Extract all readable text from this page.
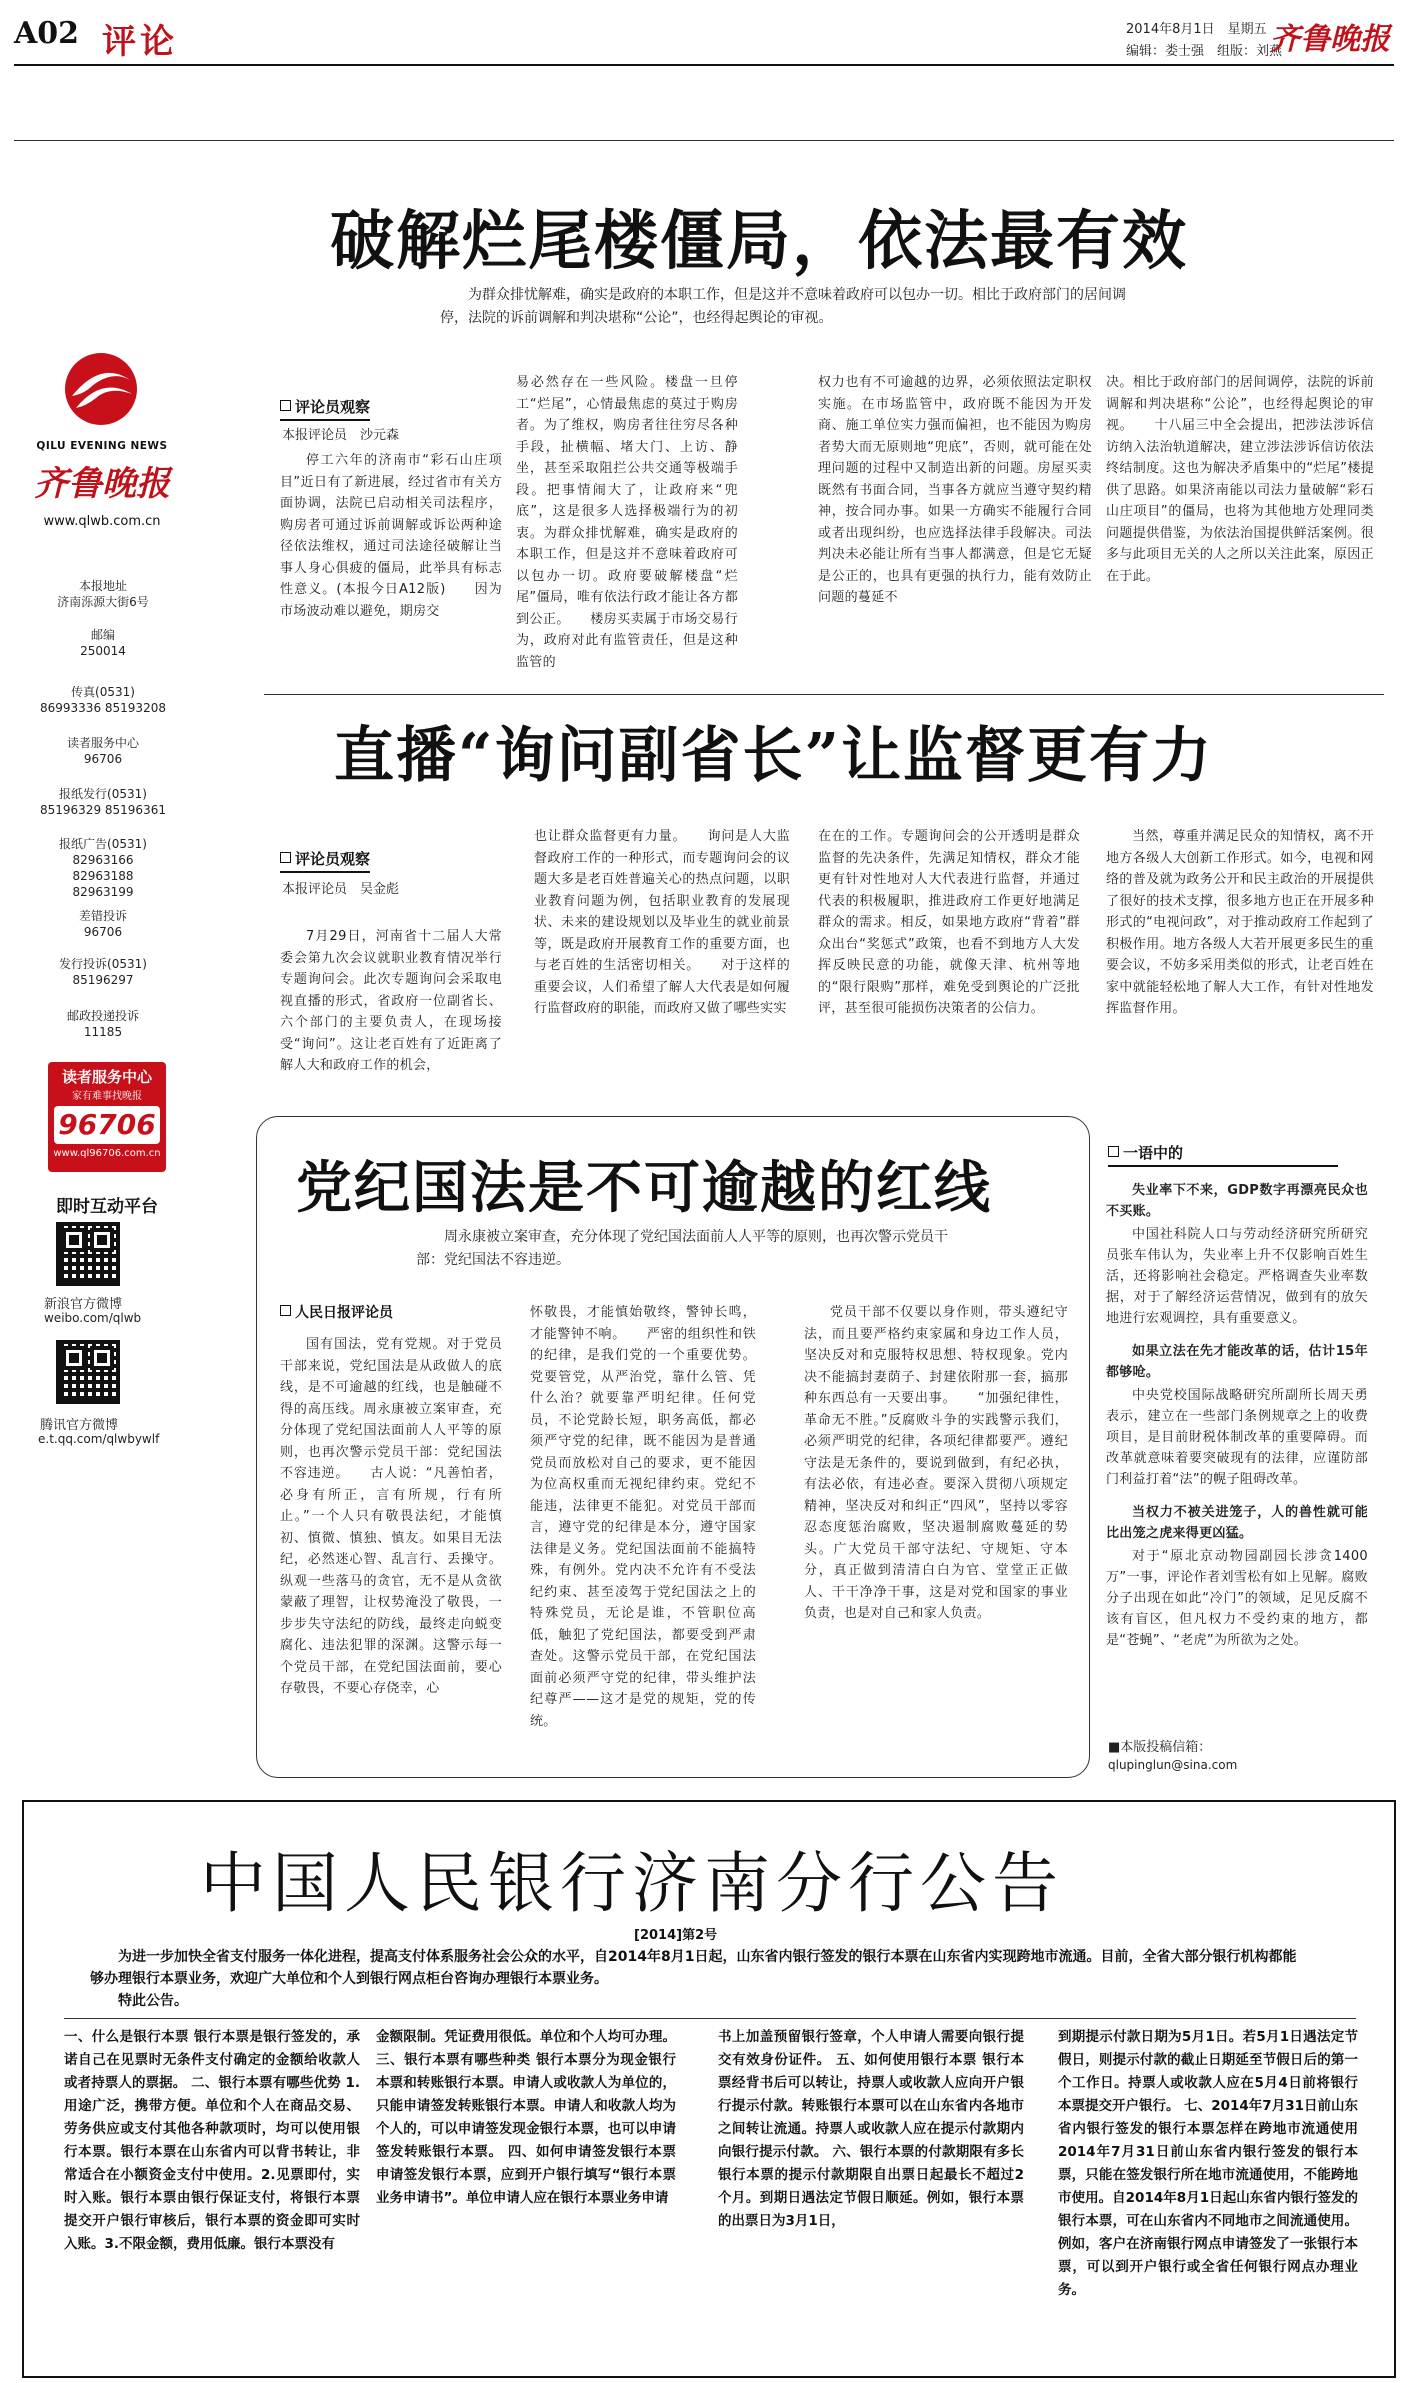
A02 评论	2014年8月1日　星期五
编辑：娄士强　组版：刘燕
齐鲁晚报
QILU EVENING NEWS
齐鲁晚报
www.qlwb.com.cn
本报地址
济南泺源大街6号
邮编
250014
传真(0531)
86993336 85193208
读者服务中心
96706
报纸发行(0531)
85196329 85196361
报纸广告(0531)
82963166 82963188 82963199
差错投诉
96706
发行投诉(0531)
85196297
邮政投递投诉
11185
读者服务中心
家有难事找晚报
96706
www.ql96706.com.cn
即时互动平台
新浪官方微博
weibo.com/qlwb
腾讯官方微博
e.t.qq.com/qlwbywlf
破解烂尾楼僵局，依法最有效
为群众排忧解难，确实是政府的本职工作，但是这并不意味着政府可以包办一切。相比于政府部门的居间调停，法院的诉前调解和判决堪称“公论”，也经得起舆论的审视。
评论员观察
本报评论员　沙元森

停工六年的济南市“彩石山庄项目”近日有了新进展，经过省市有关方面协调，法院已启动相关司法程序，购房者可通过诉前调解或诉讼两种途径依法维权，通过司法途径破解让当事人身心俱疲的僵局，此举具有标志性意义。(本报今日A12版)　　因为市场波动难以避免，期房交

易必然存在一些风险。楼盘一旦停工“烂尾”，心情最焦虑的莫过于购房者。为了维权，购房者往往穷尽各种手段，扯横幅、堵大门、上访、静坐，甚至采取阻拦公共交通等极端手段。把事情闹大了，让政府来“兜底”，这是很多人选择极端行为的初衷。为群众排忧解难，确实是政府的本职工作，但是这并不意味着政府可以包办一切。政府要破解楼盘“烂尾”僵局，唯有依法行政才能让各方都到公正。　　楼房买卖属于市场交易行为，政府对此有监管责任，但是这种监管的

权力也有不可逾越的边界，必须依照法定职权实施。在市场监管中，政府既不能因为开发商、施工单位实力强而偏袒，也不能因为购房者势大而无原则地“兜底”，否则，就可能在处理问题的过程中又制造出新的问题。房屋买卖既然有书面合同，当事各方就应当遵守契约精神，按合同办事。如果一方确实不能履行合同或者出现纠纷，也应选择法律手段解决。司法判决未必能让所有当事人都满意，但是它无疑是公正的，也具有更强的执行力，能有效防止问题的蔓延不

决。相比于政府部门的居间调停，法院的诉前调解和判决堪称“公论”，也经得起舆论的审视。　　十八届三中全会提出，把涉法涉诉信访纳入法治轨道解决，建立涉法涉诉信访依法终结制度。这也为解决矛盾集中的“烂尾”楼提供了思路。如果济南能以司法力量破解“彩石山庄项目”的僵局，也将为其他地方处理同类问题提供借鉴，为依法治国提供鲜活案例。很多与此项目无关的人之所以关注此案，原因正在于此。

直播“询问副省长”让监督更有力
评论员观察
本报评论员　吴金彪

7月29日，河南省十二届人大常委会第九次会议就职业教育情况举行专题询问会。此次专题询问会采取电视直播的形式，省政府一位副省长、六个部门的主要负责人，在现场接受“询问”。这让老百姓有了近距离了解人大和政府工作的机会，

也让群众监督更有力量。　　询问是人大监督政府工作的一种形式，而专题询问会的议题大多是老百姓普遍关心的热点问题，以职业教育问题为例，包括职业教育的发展现状、未来的建设规划以及毕业生的就业前景等，既是政府开展教育工作的重要方面，也与老百姓的生活密切相关。　　对于这样的重要会议，人们希望了解人大代表是如何履行监督政府的职能，而政府又做了哪些实实

在在的工作。专题询问会的公开透明是群众监督的先决条件，先满足知情权，群众才能更有针对性地对人大代表进行监督，并通过代表的积极履职，推进政府工作更好地满足群众的需求。相反，如果地方政府“背着”群众出台“奖惩式”政策，也看不到地方人大发挥反映民意的功能，就像天津、杭州等地的“限行限购”那样，难免受到舆论的广泛批评，甚至很可能损伤决策者的公信力。

当然，尊重并满足民众的知情权，离不开地方各级人大创新工作形式。如今，电视和网络的普及就为政务公开和民主政治的开展提供了很好的技术支撑，很多地方也正在开展多种形式的“电视问政”，对于推动政府工作起到了积极作用。地方各级人大若开展更多民生的重要会议，不妨多采用类似的形式，让老百姓在家中就能轻松地了解人大工作，有针对性地发挥监督作用。

党纪国法是不可逾越的红线
周永康被立案审查，充分体现了党纪国法面前人人平等的原则，也再次警示党员干部：党纪国法不容违逆。
人民日报评论员

国有国法，党有党规。对于党员干部来说，党纪国法是从政做人的底线，是不可逾越的红线，也是触碰不得的高压线。周永康被立案审查，充分体现了党纪国法面前人人平等的原则，也再次警示党员干部：党纪国法不容违逆。　　古人说：“凡善怕者，必身有所正，言有所规，行有所止。”一个人只有敬畏法纪，才能慎初、慎微、慎独、慎友。如果目无法纪，必然迷心智、乱言行、丢操守。纵观一些落马的贪官，无不是从贪欲蒙蔽了理智，让权势淹没了敬畏，一步步失守法纪的防线，最终走向蜕变腐化、违法犯罪的深渊。这警示每一个党员干部，在党纪国法面前，要心存敬畏，不要心存侥幸，心

怀敬畏，才能慎始敬终，警钟长鸣，才能警钟不响。　　严密的组织性和铁的纪律，是我们党的一个重要优势。党要管党，从严治党，靠什么管、凭什么治？就要靠严明纪律。任何党员，不论党龄长短，职务高低，都必须严守党的纪律，既不能因为是普通党员而放松对自己的要求，更不能因为位高权重而无视纪律约束。党纪不能违，法律更不能犯。对党员干部而言，遵守党的纪律是本分，遵守国家法律是义务。党纪国法面前不能搞特殊，有例外。党内决不允许有不受法纪约束、甚至凌驾于党纪国法之上的特殊党员，无论是谁，不管职位高低，触犯了党纪国法，都要受到严肃查处。这警示党员干部，在党纪国法面前必须严守党的纪律，带头维护法纪尊严——这才是党的规矩，党的传统。

党员干部不仅要以身作则，带头遵纪守法，而且要严格约束家属和身边工作人员，坚决反对和克服特权思想、特权现象。党内决不能搞封妻荫子、封建依附那一套，搞那种东西总有一天要出事。　　“加强纪律性，革命无不胜。”反腐败斗争的实践警示我们，必须严明党的纪律，各项纪律都要严。遵纪守法是无条件的，要说到做到，有纪必执，有法必依，有违必查。要深入贯彻八项规定精神，坚决反对和纠正“四风”，坚持以零容忍态度惩治腐败，坚决遏制腐败蔓延的势头。广大党员干部守法纪、守规矩、守本分，真正做到清清白白为官、堂堂正正做人、干干净净干事，这是对党和国家的事业负责，也是对自己和家人负责。

一语中的

失业率下不来，GDP数字再漂亮民众也不买账。

中国社科院人口与劳动经济研究所研究员张车伟认为，失业率上升不仅影响百姓生活，还将影响社会稳定。严格调查失业率数据，对于了解经济运营情况，做到有的放矢地进行宏观调控，具有重要意义。

如果立法在先才能改革的话，估计15年都够呛。

中央党校国际战略研究所副所长周天勇表示，建立在一些部门条例规章之上的收费项目，是目前財税体制改革的重要障碍。而改革就意味着要突破现有的法律，应谨防部门利益打着“法”的幌子阻碍改革。

当权力不被关进笼子，人的兽性就可能比出笼之虎来得更凶猛。

对于“原北京动物园副园长涉贪1400万”一事，评论作者刘雪松有如上见解。腐败分子出现在如此“冷门”的领域，足见反腐不该有盲区，但凡权力不受约束的地方，都是“苍蝇”、“老虎”为所欲为之处。

■本版投稿信箱：
qlupinglun@sina.com
中国人民银行济南分行公告
[2014]第2号
为进一步加快全省支付服务一体化进程，提高支付体系服务社会公众的水平，自2014年8月1日起，山东省内银行签发的银行本票在山东省内实现跨地市流通。目前，全省大部分银行机构都能够办理银行本票业务，欢迎广大单位和个人到银行网点柜台咨询办理银行本票业务。
特此公告。

一、什么是银行本票 银行本票是银行签发的，承诺自己在见票时无条件支付确定的金额给收款人或者持票人的票据。 二、银行本票有哪些优势 1.用途广泛，携带方便。单位和个人在商品交易、劳务供应或支付其他各种款项时，均可以使用银行本票。银行本票在山东省内可以背书转让，非常适合在小额资金支付中使用。2.见票即付，实时入账。银行本票由银行保证支付，将银行本票提交开户银行审核后，银行本票的资金即可实时入账。3.不限金额，费用低廉。银行本票没有

金额限制。凭证费用很低。单位和个人均可办理。 三、银行本票有哪些种类 银行本票分为现金银行本票和转账银行本票。申请人或收款人为单位的，只能申请签发转账银行本票。申请人和收款人均为个人的，可以申请签发现金银行本票，也可以申请签发转账银行本票。 四、如何申请签发银行本票 申请签发银行本票，应到开户银行填写“银行本票业务申请书”。单位申请人应在银行本票业务申请

书上加盖预留银行签章，个人申请人需要向银行提交有效身份证件。 五、如何使用银行本票 银行本票经背书后可以转让，持票人或收款人应向开户银行提示付款。转账银行本票可以在山东省内各地市之间转让流通。持票人或收款人应在提示付款期内向银行提示付款。 六、银行本票的付款期限有多长 银行本票的提示付款期限自出票日起最长不超过2个月。到期日遇法定节假日顺延。例如，银行本票的出票日为3月1日，

到期提示付款日期为5月1日。若5月1日遇法定节假日，则提示付款的截止日期延至节假日后的第一个工作日。持票人或收款人应在5月4日前将银行本票提交开户银行。 七、2014年7月31日前山东省内银行签发的银行本票怎样在跨地市流通使用 2014年7月31日前山东省内银行签发的银行本票，只能在签发银行所在地市流通使用，不能跨地市使用。自2014年8月1日起山东省内银行签发的银行本票，可在山东省内不同地市之间流通使用。例如，客户在济南银行网点申请签发了一张银行本票，可以到开户银行或全省任何银行网点办理业务。
